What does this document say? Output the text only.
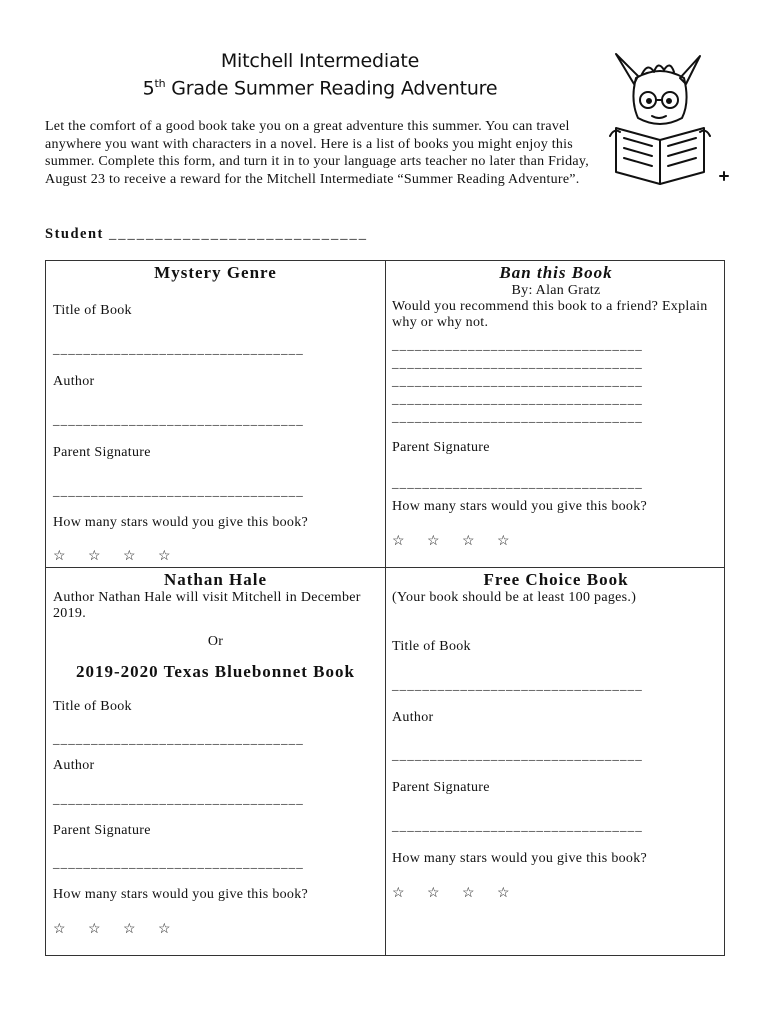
Mitchell Intermediate
5th Grade Summer Reading Adventure
Let the comfort of a good book take you on a great adventure this summer. You can travel anywhere you want with characters in a novel. Here is a list of books you might enjoy this summer. Complete this form, and turn it in to your language arts teacher no later than Friday, August 23 to receive a reward for the Mitchell Intermediate “Summer Reading Adventure”.
Student ____________________________
Mystery Genre
Title of Book
_________________________________
Author
_________________________________
Parent Signature
_________________________________
How many stars would you give this book?
☆ ☆ ☆ ☆
Ban this Book
By: Alan Gratz
Would you recommend this book to a friend? Explain why or why not.
_________________________________
_________________________________
_________________________________
_________________________________
_________________________________
Parent Signature
_________________________________
How many stars would you give this book?
☆ ☆ ☆ ☆
Nathan Hale
Author Nathan Hale will visit Mitchell in December 2019.
Or
2019-2020 Texas Bluebonnet Book
Title of Book
_________________________________
Author
_________________________________
Parent Signature
_________________________________
How many stars would you give this book?
☆ ☆ ☆ ☆
Free Choice Book
(Your book should be at least 100 pages.)
Title of Book
_________________________________
Author
_________________________________
Parent Signature
_________________________________
How many stars would you give this book?
☆ ☆ ☆ ☆
